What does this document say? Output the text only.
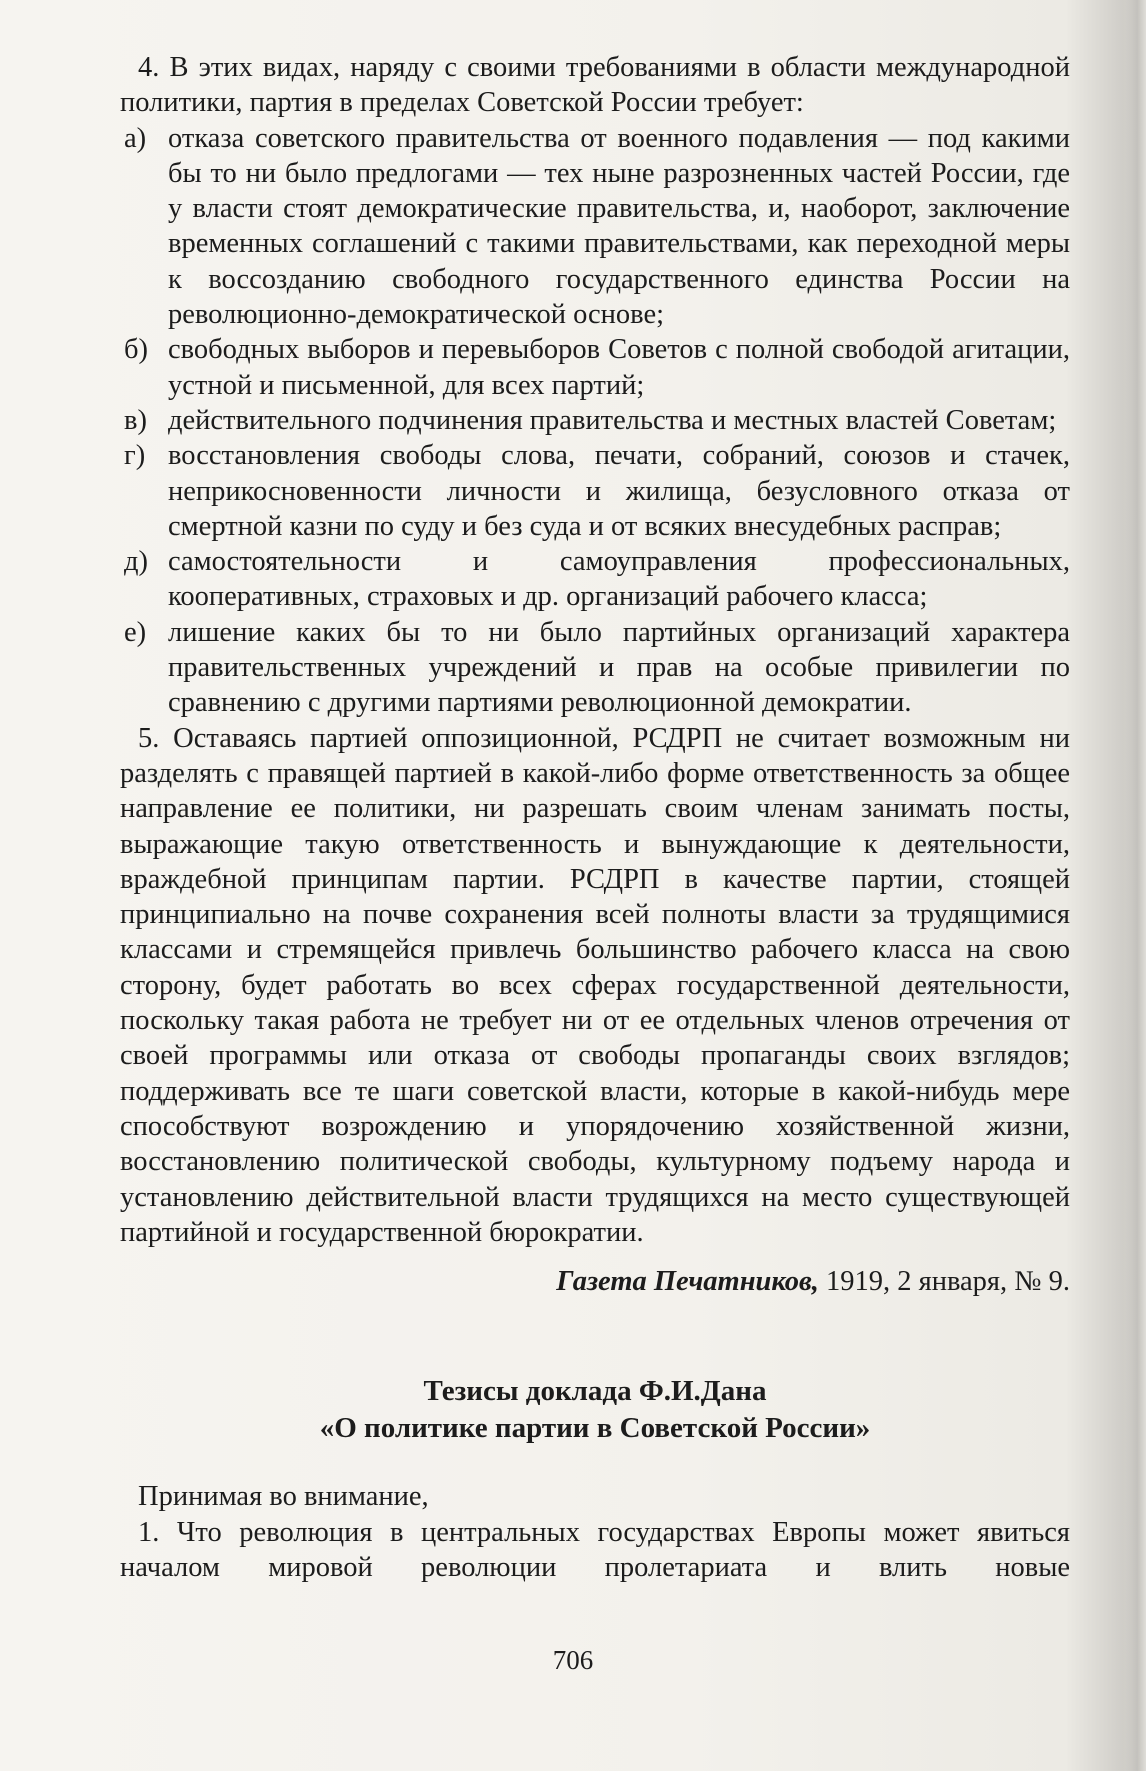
4. В этих видах, наряду с своими требованиями в области международной политики, партия в пределах Советской России требует:

а) отказа советского правительства от военного подавления — под какими бы то ни было предлогами — тех ныне разрозненных частей России, где у власти стоят демократические правительства, и, наоборот, заключение временных соглашений с такими правительствами, как переходной меры к воссозданию свободного государственного единства России на революционно-демократической основе;
б) свободных выборов и перевыборов Советов с полной свободой агитации, устной и письменной, для всех партий;
в) действительного подчинения правительства и местных властей Советам;
г) восстановления свободы слова, печати, собраний, союзов и стачек, неприкосновенности личности и жилища, безусловного отказа от смертной казни по суду и без суда и от всяких внесудебных расправ;
д) самостоятельности и самоуправления профессиональных, кооперативных, страховых и др. организаций рабочего класса;
е) лишение каких бы то ни было партийных организаций характера правительственных учреждений и прав на особые привилегии по сравнению с другими партиями революционной демократии.

5. Оставаясь партией оппозиционной, РСДРП не считает возможным ни разделять с правящей партией в какой-либо форме ответственность за общее направление ее политики, ни разрешать своим членам занимать посты, выражающие такую ответственность и вынуждающие к деятельности, враждебной принципам партии. РСДРП в качестве партии, стоящей принципиально на почве сохранения всей полноты власти за трудящимися классами и стремящейся привлечь большинство рабочего класса на свою сторону, будет работать во всех сферах государственной деятельности, поскольку такая работа не требует ни от ее отдельных членов отречения от своей программы или отказа от свободы пропаганды своих взглядов; поддерживать все те шаги советской власти, которые в какой-нибудь мере способствуют возрождению и упорядочению хозяйственной жизни, восстановлению политической свободы, культурному подъему народа и установлению действительной власти трудящихся на место существующей партийной и государственной бюрократии.

Газета Печатников, 1919, 2 января, № 9.
Тезисы доклада Ф.И.Дана
«О политике партии в Советской России»

Принимая во внимание,

1. Что революция в центральных государствах Европы может явиться началом мировой революции пролетариата и влить новые

706
